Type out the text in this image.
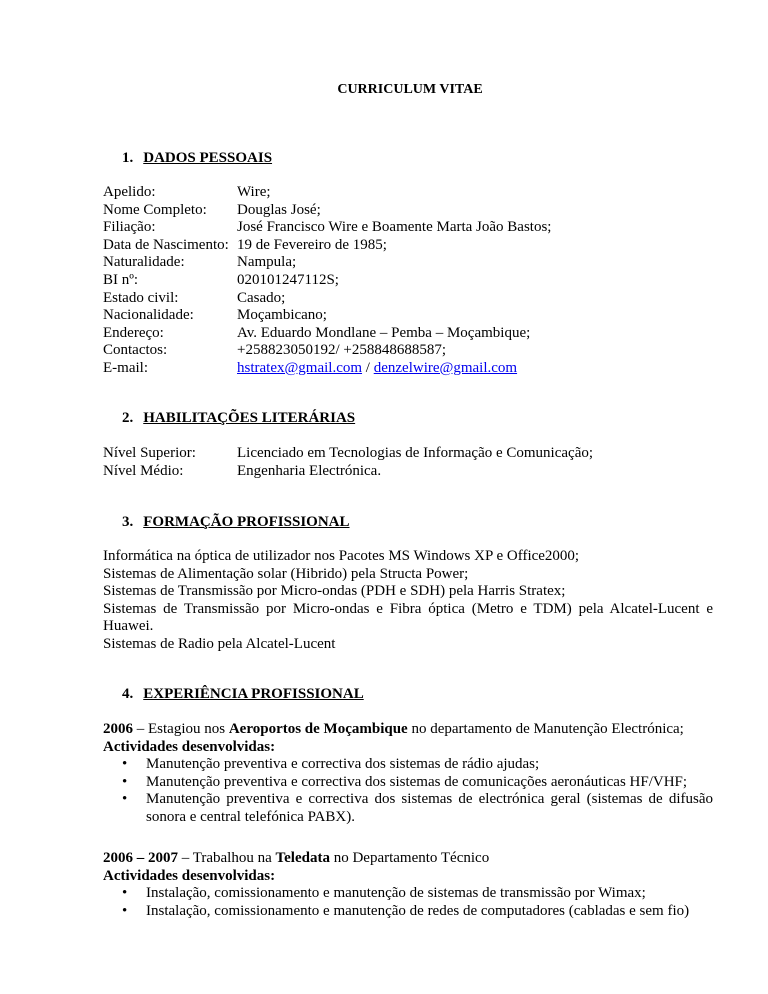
CURRICULUM VITAE
1. DADOS PESSOAIS
Apelido:	Wire;
Nome Completo:	Douglas José;
Filiação:	José Francisco Wire e Boamente Marta João Bastos;
Data de Nascimento: 19 de Fevereiro de 1985;
Naturalidade:	Nampula;
BI nº:	020101247112S;
Estado civil:	Casado;
Nacionalidade:	Moçambicano;
Endereço:	Av. Eduardo Mondlane – Pemba – Moçambique;
Contactos:	+258823050192/ +258848688587;
E-mail:	hstratex@gmail.com / denzelwire@gmail.com
2. HABILITAÇÕES LITERÁRIAS
Nível Superior:	Licenciado em Tecnologias de Informação e Comunicação;
Nível Médio:	Engenharia Electrónica.
3. FORMAÇÃO PROFISSIONAL
Informática na óptica de utilizador nos Pacotes MS Windows XP e Office2000;
Sistemas de Alimentação solar (Hibrido) pela Structa Power;
Sistemas de Transmissão por Micro-ondas (PDH e SDH) pela Harris Stratex;
Sistemas de Transmissão por Micro-ondas e Fibra óptica (Metro e TDM) pela Alcatel-Lucent e Huawei.
Sistemas de Radio pela Alcatel-Lucent
4. EXPERIÊNCIA PROFISSIONAL
2006 – Estagiou nos Aeroportos de Moçambique no departamento de Manutenção Electrónica;
Actividades desenvolvidas:
• Manutenção preventiva e correctiva dos sistemas de rádio ajudas;
• Manutenção preventiva e correctiva dos sistemas de comunicações aeronáuticas HF/VHF;
• Manutenção preventiva e correctiva dos sistemas de electrónica geral (sistemas de difusão sonora e central telefónica PABX).
2006 – 2007 – Trabalhou na Teledata no Departamento Técnico
Actividades desenvolvidas:
• Instalação, comissionamento e manutenção de sistemas de transmissão por Wimax;
• Instalação, comissionamento e manutenção de redes de computadores (cabladas e sem fio)
